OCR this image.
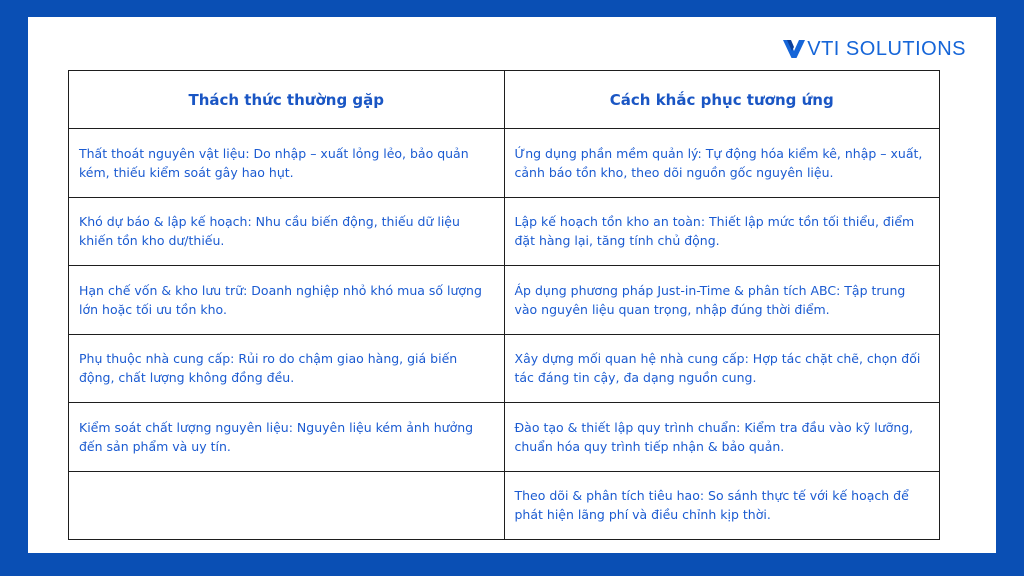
VTI SOLUTIONS
Thách thức thường gặp	Cách khắc phục tương ứng
Thất thoát nguyên vật liệu: Do nhập – xuất lỏng lẻo, bảo quản kém, thiếu kiểm soát gây hao hụt.	Ứng dụng phần mềm quản lý: Tự động hóa kiểm kê, nhập – xuất, cảnh báo tồn kho, theo dõi nguồn gốc nguyên liệu.
Khó dự báo & lập kế hoạch: Nhu cầu biến động, thiếu dữ liệu khiến tồn kho dư/thiếu.	Lập kế hoạch tồn kho an toàn: Thiết lập mức tồn tối thiểu, điểm đặt hàng lại, tăng tính chủ động.
Hạn chế vốn & kho lưu trữ: Doanh nghiệp nhỏ khó mua số lượng lớn hoặc tối ưu tồn kho.	Áp dụng phương pháp Just-in-Time & phân tích ABC: Tập trung vào nguyên liệu quan trọng, nhập đúng thời điểm.
Phụ thuộc nhà cung cấp: Rủi ro do chậm giao hàng, giá biến động, chất lượng không đồng đều.	Xây dựng mối quan hệ nhà cung cấp: Hợp tác chặt chẽ, chọn đối tác đáng tin cậy, đa dạng nguồn cung.
Kiểm soát chất lượng nguyên liệu: Nguyên liệu kém ảnh hưởng đến sản phẩm và uy tín.	Đào tạo & thiết lập quy trình chuẩn: Kiểm tra đầu vào kỹ lưỡng, chuẩn hóa quy trình tiếp nhận & bảo quản.
	Theo dõi & phân tích tiêu hao: So sánh thực tế với kế hoạch để phát hiện lãng phí và điều chỉnh kịp thời.
